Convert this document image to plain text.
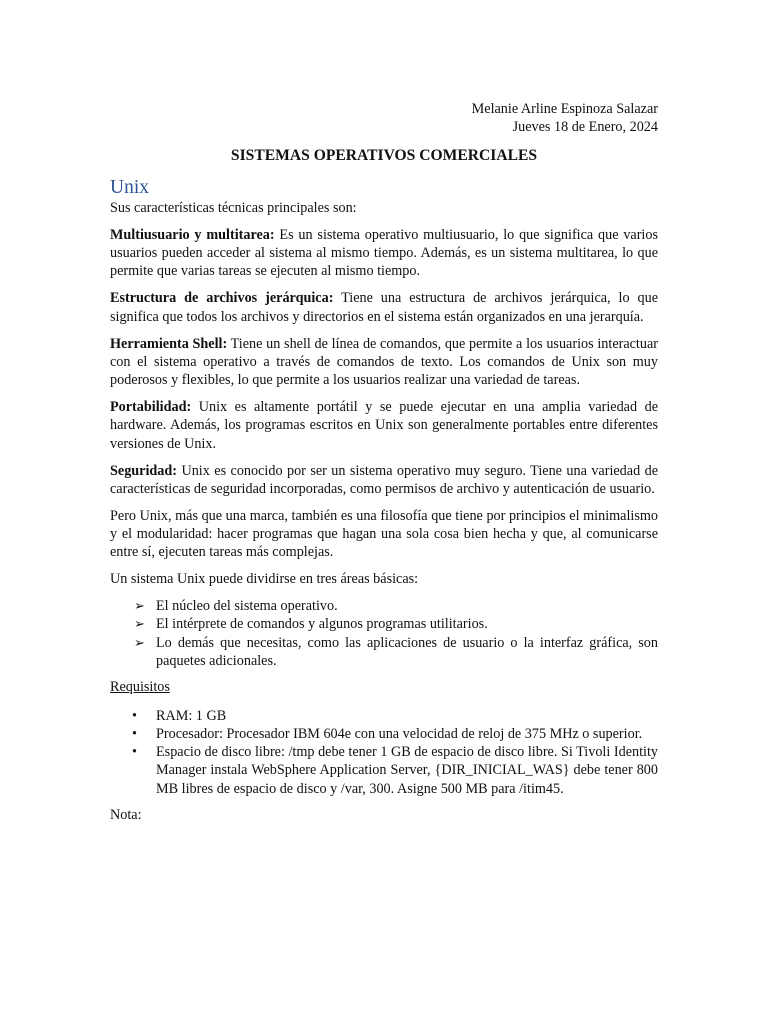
Melanie Arline Espinoza Salazar
Jueves 18 de Enero, 2024
SISTEMAS OPERATIVOS COMERCIALES
Unix

Sus características técnicas principales son:

Multiusuario y multitarea: Es un sistema operativo multiusuario, lo que significa que varios usuarios pueden acceder al sistema al mismo tiempo. Además, es un sistema multitarea, lo que permite que varias tareas se ejecuten al mismo tiempo.

Estructura de archivos jerárquica: Tiene una estructura de archivos jerárquica, lo que significa que todos los archivos y directorios en el sistema están organizados en una jerarquía.

Herramienta Shell: Tiene un shell de línea de comandos, que permite a los usuarios interactuar con el sistema operativo a través de comandos de texto. Los comandos de Unix son muy poderosos y flexibles, lo que permite a los usuarios realizar una variedad de tareas.

Portabilidad: Unix es altamente portátil y se puede ejecutar en una amplia variedad de hardware. Además, los programas escritos en Unix son generalmente portables entre diferentes versiones de Unix.

Seguridad: Unix es conocido por ser un sistema operativo muy seguro. Tiene una variedad de características de seguridad incorporadas, como permisos de archivo y autenticación de usuario.

Pero Unix, más que una marca, también es una filosofía que tiene por principios el minimalismo y el modularidad: hacer programas que hagan una sola cosa bien hecha y que, al comunicarse entre sí, ejecuten tareas más complejas.

Un sistema Unix puede dividirse en tres áreas básicas:

➢ El núcleo del sistema operativo.
➢ El intérprete de comandos y algunos programas utilitarios.
➢ Lo demás que necesitas, como las aplicaciones de usuario o la interfaz gráfica, son paquetes adicionales.
Requisitos
• RAM: 1 GB
• Procesador: Procesador IBM 604e con una velocidad de reloj de 375 MHz o superior.
• Espacio de disco libre: /tmp debe tener 1 GB de espacio de disco libre. Si Tivoli Identity Manager instala WebSphere Application Server, {DIR_INICIAL_WAS} debe tener 800 MB libres de espacio de disco y /var, 300. Asigne 500 MB para /itim45.
Nota:
